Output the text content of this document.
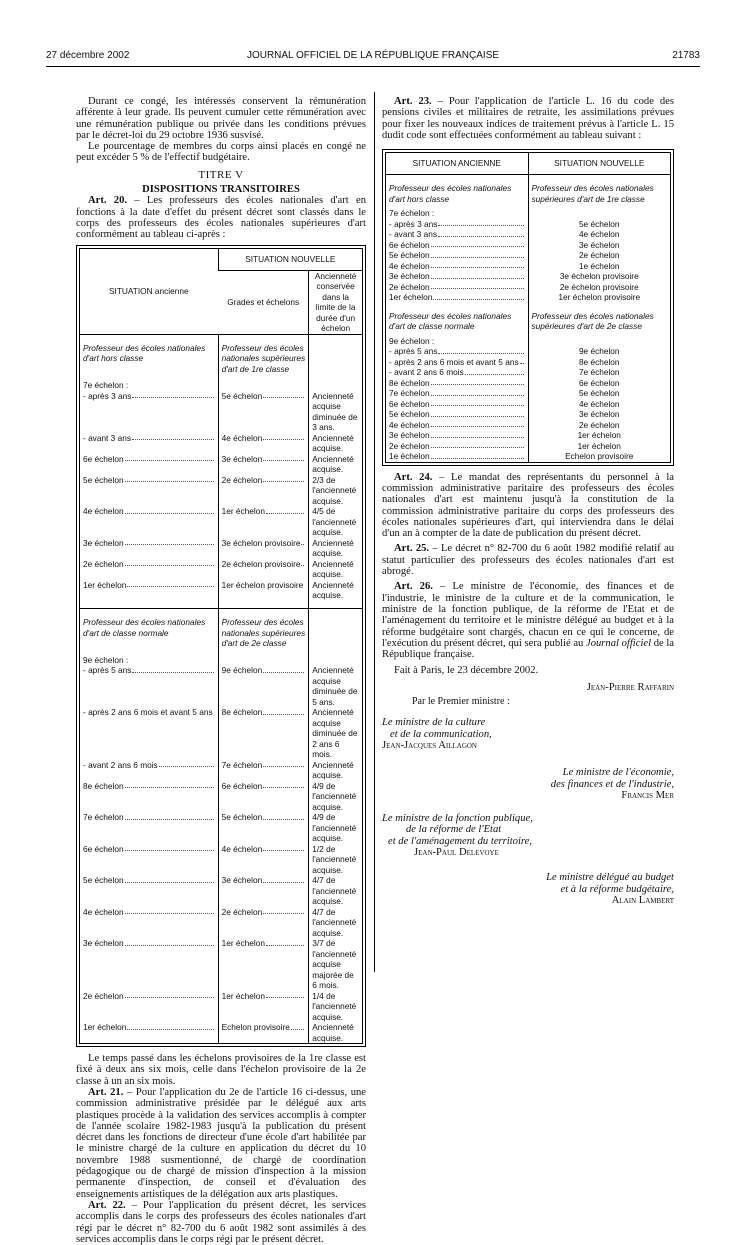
27 décembre 2002	JOURNAL OFFICIEL DE LA RÉPUBLIQUE FRANÇAISE	21783

Durant ce congé, les intéressés conservent la rémunération afférente à leur grade. Ils peuvent cumuler cette rémunération avec une rémunération publique ou privée dans les conditions prévues par le décret-loi du 29 octobre 1936 susvisé.

Le pourcentage de membres du corps ainsi placés en congé ne peut excéder 5 % de l'effectif budgétaire.

TITRE V
DISPOSITIONS TRANSITOIRES

Art. 20. – Les professeurs des écoles nationales d'art en fonctions à la date d'effet du présent décret sont classés dans le corps des professeurs des écoles nationales supérieures d'art conformément au tableau ci-après :

SITUATION ancienne	SITUATION NOUVELLE	
	Grades et échelons	Ancienneté conservée dans la limite de la durée d'un échelon
Professeur des écoles nationales d'art hors classe	Professeur des écoles nationales supérieures d'art de 1re classe	
7e échelon :		

- après 3 ans	5e échelon	Ancienneté acquise diminuée de 3 ans.

- avant 3 ans	4e échelon	Ancienneté acquise.

6e échelon	3e échelon	Ancienneté acquise.

5e échelon	2e échelon	2/3 de l'ancienneté acquise.

4e échelon	1er échelon	4/5 de l'ancienneté acquise.

3e échelon	3e échelon provisoire	Ancienneté acquise.

2e échelon	2e échelon provisoire	Ancienneté acquise.

1er échelon	1er échelon provisoire	Ancienneté acquise.

Professeur des écoles nationales d'art de classe normale	Professeur des écoles nationales supérieures d'art de 2e classe	
9e échelon :		

- après 5 ans	9e échelon	Ancienneté acquise diminuée de 5 ans.

- après 2 ans 6 mois et avant 5 ans	8e échelon	Ancienneté acquise diminuée de 2 ans 6 mois.

- avant 2 ans 6 mois	7e échelon	Ancienneté acquise.

8e échelon	6e échelon	4/9 de l'ancienneté acquise.

7e échelon	5e échelon	4/9 de l'ancienneté acquise.

6e échelon	4e échelon	1/2 de l'ancienneté acquise.

5e échelon	3e échelon	4/7 de l'ancienneté acquise.

4e échelon	2e échelon	4/7 de l'ancienneté acquise.

3e échelon	1er échelon	3/7 de l'ancienneté acquise majorée de 6 mois.

2e échelon	1er échelon	1/4 de l'ancienneté acquise.

1er échelon	Echelon provisoire	Ancienneté acquise.

Le temps passé dans les échelons provisoires de la 1re classe est fixé à deux ans six mois, celle dans l'échelon provisoire de la 2e classe à un an six mois.

Art. 21. – Pour l'application du 2e de l'article 16 ci-dessus, une commission administrative présidée par le délégué aux arts plastiques procède à la validation des services accomplis à compter de l'année scolaire 1982-1983 jusqu'à la publication du présent décret dans les fonctions de directeur d'une école d'art habilitée par le ministre chargé de la culture en application du décret du 10 novembre 1988 susmentionné, de chargé de coordination pédagogique ou de chargé de mission d'inspection à la mission permanente d'inspection, de conseil et d'évaluation des enseignements artistiques de la délégation aux arts plastiques.

Art. 22. – Pour l'application du présent décret, les services accomplis dans le corps des professeurs des écoles nationales d'art régi par le décret n° 82-700 du 6 août 1982 sont assimilés à des services accomplis dans le corps régi par le présent décret.

Art. 23. – Pour l'application de l'article L. 16 du code des pensions civiles et militaires de retraite, les assimilations prévues pour fixer les nouveaux indices de traitement prévus à l'article L. 15 dudit code sont effectuées conformément au tableau suivant :

SITUATION ANCIENNE	SITUATION NOUVELLE
Professeur des écoles nationales d'art hors classe	Professeur des écoles nationales supérieures d'art de 1re classe
7e échelon :	

- après 3 ans	5e échelon

- avant 3 ans	4e échelon

6e échelon	3e échelon

5e échelon	2e échelon

4e échelon	1e échelon

3e échelon	3e échelon provisoire

2e échelon	2e échelon provisoire

1er échelon	1er échelon provisoire
Professeur des écoles nationales d'art de classe normale	Professeur des écoles nationales supérieures d'art de 2e classe
9e échelon :	

- après 5 ans	9e échelon

- après 2 ans 6 mois et avant 5 ans	8e échelon

- avant 2 ans 6 mois	7e échelon

8e échelon	6e échelon

7e échelon	5e échelon

6e échelon	4e échelon

5e échelon	3e échelon

4e échelon	2e échelon

3e échelon	1er échelon

2e échelon	1er échelon

1e échelon	Echelon provisoire

Art. 24. – Le mandat des représentants du personnel à la commission administrative paritaire des professeurs des écoles nationales d'art est maintenu jusqu'à la constitution de la commission administrative paritaire du corps des professeurs des écoles nationales supérieures d'art, qui interviendra dans le délai d'un an à compter de la date de publication du présent décret.

Art. 25. – Le décret n° 82-700 du 6 août 1982 modifié relatif au statut particulier des professeurs des écoles nationales d'art est abrogé.

Art. 26. – Le ministre de l'économie, des finances et de l'industrie, le ministre de la culture et de la communication, le ministre de la fonction publique, de la réforme de l'Etat et de l'aménagement du territoire et le ministre délégué au budget et à la réforme budgétaire sont chargés, chacun en ce qui le concerne, de l'exécution du présent décret, qui sera publié au Journal officiel de la République française.

Fait à Paris, le 23 décembre 2002.

Jean-Pierre Raffarin
Par le Premier ministre :
Le ministre de la culture
et de la communication,
Jean-Jacques Aillagon
Le ministre de l'économie,
des finances et de l'industrie,
Francis Mer
Le ministre de la fonction publique,
de la réforme de l'Etat
et de l'aménagement du territoire,
Jean-Paul Delevoye
Le ministre délégué au budget
et à la réforme budgétaire,
Alain Lambert
